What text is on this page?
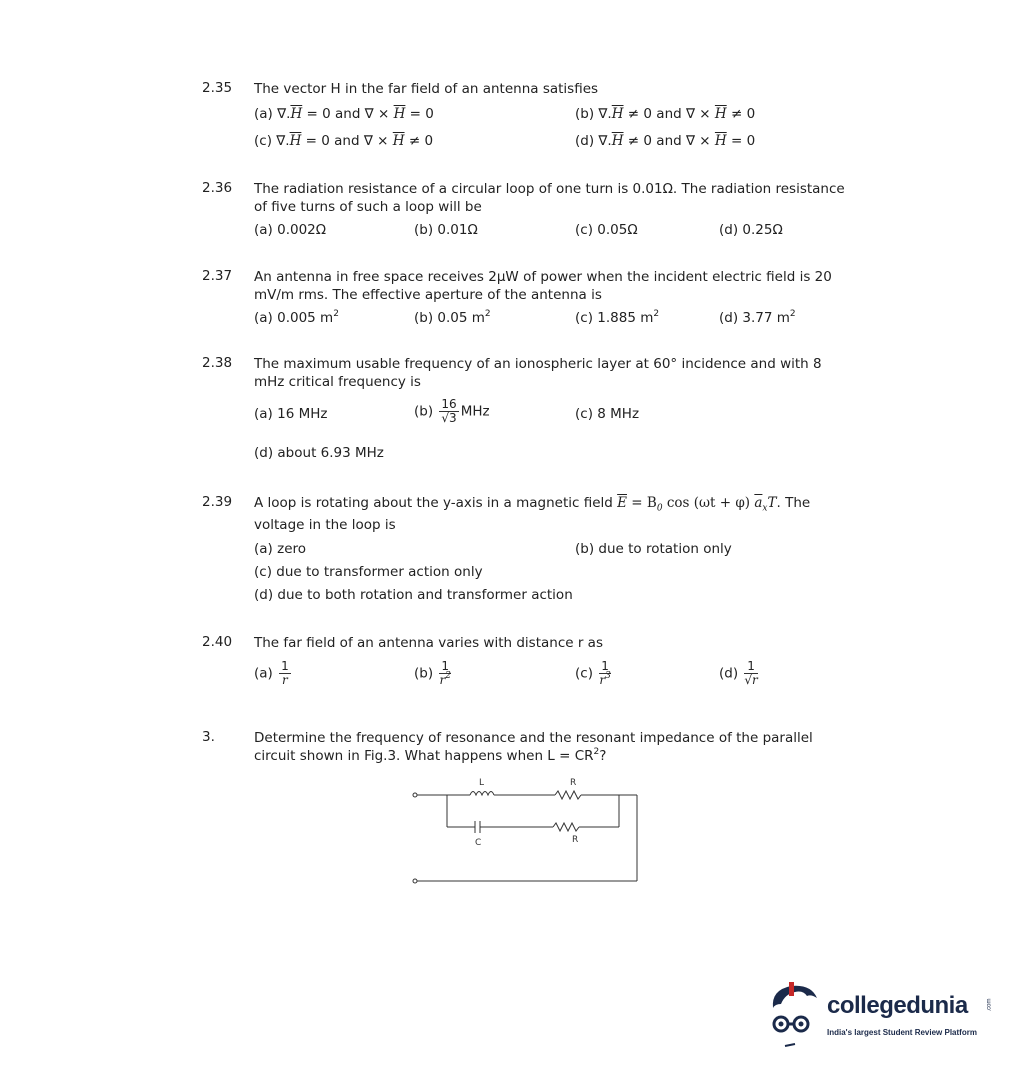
2.35 The vector H in the far field of an antenna satisfies
(a) $\nabla.\overline{H} = 0$ and ∇ × $\overline{H} = 0$	(b) $\nabla.\overline{H} \ne 0$ and ∇ × $\overline{H} \ne 0$
(c) $\nabla.\overline{H} = 0$ and ∇ × $\overline{H} \ne 0$	(d) $\nabla.\overline{H} \ne 0$ and ∇ × $\overline{H} = 0$
2.36 The radiation resistance of a circular loop of one turn is 0.01Ω. The radiation resistance of five turns of such a loop will be
(a) 0.002Ω	(b) 0.01Ω	(c) 0.05Ω	(d) 0.25Ω
2.37 An antenna in free space receives 2μW of power when the incident electric field is 20 mV/m rms. The effective aperture of the antenna is
(a) 0.005 $m^2$	(b) 0.05 $m^2$	(c) 1.885 $m^2$	(d) 3.77 $m^2$
2.38 The maximum usable frequency of an ionospheric layer at 60° incidence and with 8 mHz critical frequency is
(a) 16 MHz	$(b) \frac{16}{√3}$ MHz	(c) 8 MHz
(d) about 6.93 MHz
2.39 A loop is rotating about the y-axis in a magnetic field $\overline{E} = B_0$ cos (ωt + φ) $\overline{a}_xT$. The
voltage in the loop is
(a) zero	(b) due to rotation only
(c) due to transformer action only
(d) due to both rotation and transformer action
2.40 The far field of an antenna varies with distance r as
$(a) \frac{1}{r}$	$(b) \frac{1}{r^2}$	$(c) \frac{1}{r^3}$	$(d) \frac{1}{√r}$
3.	Determine the frequency of resonance and the resonant impedance of the parallel circuit shown in Fig.3. What happens when $L = CR^2$?
L	R
C	R
collegedunia	.com
India's largest Student Review Platform
